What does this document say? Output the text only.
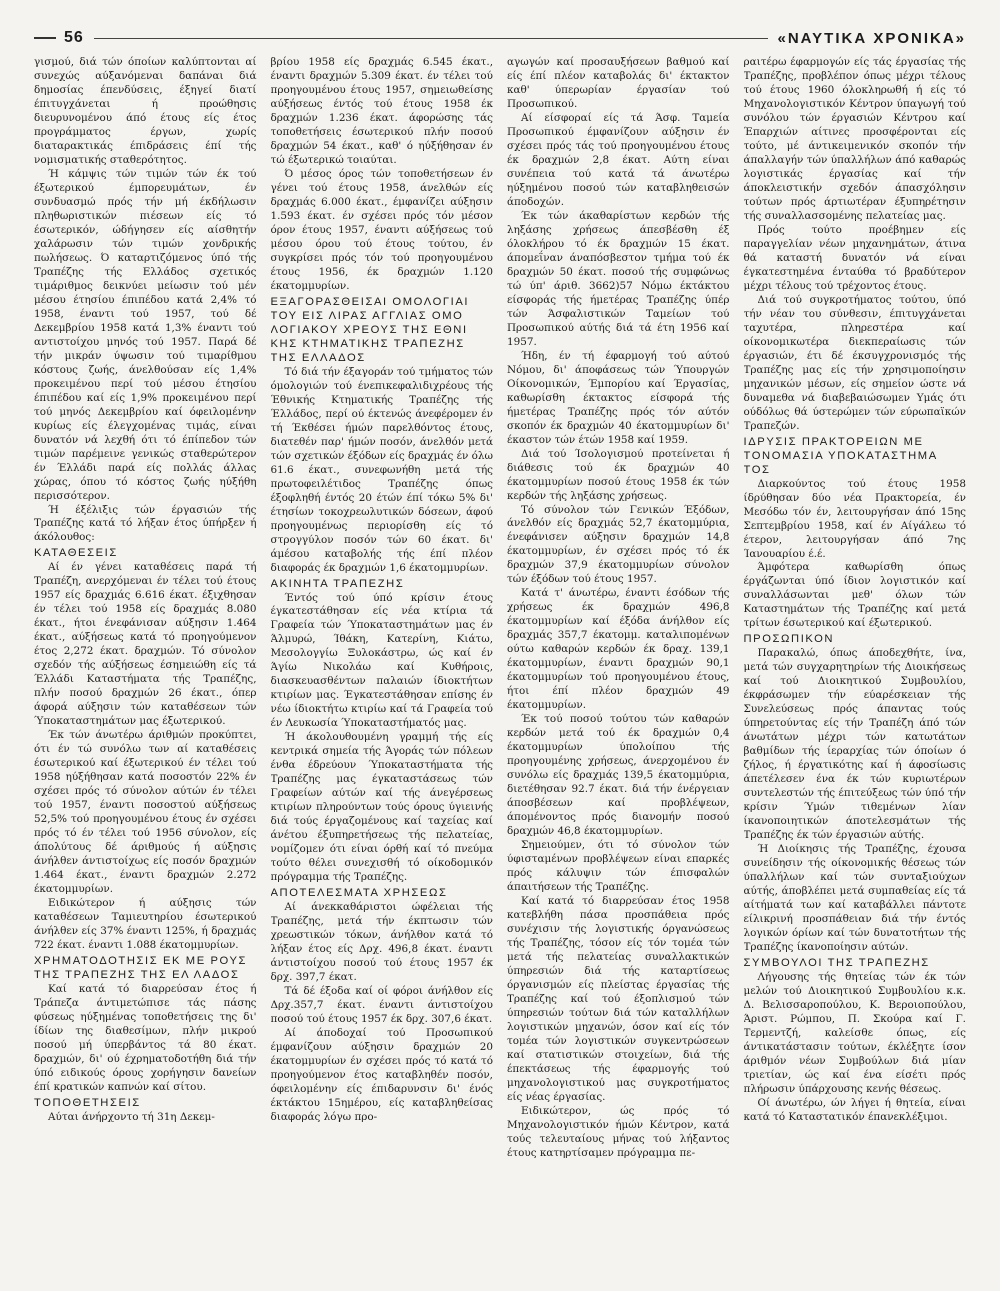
56	«ΝΑΥΤΙΚΑ ΧΡΟΝΙΚΑ»

γισμού, διά τών όποίων καλύπτονται αί συνεχώς αύξανόμεναι δαπάναι διά δημοσίας έπενδύσεις, έξηγεί διατί έπιτυγχάνεται ή προώθησις διευρυνομένου άπό έτους είς έτος προγράμματος έργων, χωρίς διαταρακτικάς έπιδράσεις έπί τής νομισματικής σταθερότητος.

Ή κάμψις τών τιμών τών έκ τού έξωτερικού έμπορευμάτων, έν συνδυασμώ πρός τήν μή έκδήλωσιν πληθωριστικών πιέσεων είς τό έσωτερικόν, ώδήγησεν είς αίσθητήν χαλάρωσιν τών τιμών χονδρικής πωλήσεως. Ό καταρτιζόμενος ύπό τής Τραπέζης τής Ελλάδος σχετικός τιμάριθμος δεικνύει μείωσιν τού μέν μέσου έτησίου έπιπέδου κατά 2,4% τό 1958, έναντι τού 1957, τού δέ Δεκεμβρίου 1958 κατά 1,3% έναντι τού αντιστοίχου μηνός τού 1957. Παρά δέ τήν μικράν ύψωσιν τού τιμαρίθμου κόστους ζωής, άνελθούσαν είς 1,4% προκειμένου περί τού μέσου έτησίου έπιπέδου καί είς 1,9% προκειμένου περί τού μηνός Δεκεμβρίου καί όφειλομένην κυρίως είς έλεγχομένας τιμάς, είναι δυνατόν νά λεχθή ότι τό έπίπεδον τών τιμών παρέμεινε γενικώς σταθερώτερον έν Έλλάδι παρά είς πολλάς άλλας χώρας, όπου τό κόστος ζωής ηύξήθη περισσότερον.

Ή έξέλιξις τών έργασιών τής Τραπέζης κατά τό λήξαν έτος ύπήρξεν ή άκόλουθος:

ΚΑΤΑΘΕΣΕΙΣ

Αί έν γένει καταθέσεις παρά τή Τραπέζη, ανερχόμεναι έν τέλει τού έτους 1957 είς δραχμάς 6.616 έκατ. έξιχθησαν έν τέλει τού 1958 είς δραχμάς 8.080 έκατ., ήτοι ένεφάνισαν αύξησιν 1.464 έκατ., αύξήσεως κατά τό προηγούμενον έτος 2,272 έκατ. δραχμών. Τό σύνολον σχεδόν τής αύξήσεως έσημειώθη είς τά Έλλάδι Καταστήματα τής Τραπέζης, πλήν ποσού δραχμών 26 έκατ., όπερ άφορά αύξησιν τών καταθέσεων τών Ύποκαταστημάτων μας έξωτερικού.

Έκ τών άνωτέρω άριθμών προκύπτει, ότι έν τώ συνόλω των αί καταθέσεις έσωτερικού καί έξωτερικού έν τέλει τού 1958 ηύξήθησαν κατά ποσοστόν 22% έν σχέσει πρός τό σύνολον αύτών έν τέλει τού 1957, έναντι ποσοστού αύξήσεως 52,5% τού προηγουμένου έτους έν σχέσει πρός τό έν τέλει τού 1956 σύνολον, είς άπολύτους δέ άριθμούς ή αύξησις άνήλθεν άντιστοίχως είς ποσόν δραχμών 1.464 έκατ., έναντι δραχμών 2.272 έκατομμυρίων.

Ειδικώτερον ή αύξησις τών καταθέσεων Ταμιευτηρίου έσωτερικού άνήλθεν είς 37% έναντι 125%, ή δραχμάς 722 έκατ. έναντι 1.088 έκατομμυρίων.

ΧΡΗΜΑΤΟΔΟΤΗΣΙΣ ΕΚ ΜΕ ΡΟΥΣ ΤΗΣ ΤΡΑΠΕΖΗΣ ΤΗΣ ΕΛ ΛΑΔΟΣ

Καί κατά τό διαρρεύσαν έτος ή Τράπεζα άντιμετώπισε τάς πάσης φύσεως ηύξημένας τοποθετήσεις της δι' ίδίων της διαθεσίμων, πλήν μικρού ποσού μή ύπερβάντος τά 80 έκατ. δραχμών, δι' ού έχρηματοδοτήθη διά τήν ύπό ειδικούς όρους χορήγησιν δανείων έπί κρατικών καπνών καί σίτου.

ΤΟΠΟΘΕΤΗΣΕΙΣ

Αύται άνήρχοντο τή 31η Δεκεμ-

βρίου 1958 είς δραχμάς 6.545 έκατ., έναντι δραχμών 5.309 έκατ. έν τέλει τού προηγουμένου έτους 1957, σημειωθείσης αύξήσεως έντός τού έτους 1958 έκ δραχμών 1.236 έκατ. άφορώσης τάς τοποθετήσεις έσωτερικού πλήν ποσού δραχμών 54 έκατ., καθ' ό ηύξήθησαν έν τώ έξωτερικώ τοιαύται.

Ό μέσος όρος τών τοποθετήσεων έν γένει τού έτους 1958, άνελθών είς δραχμάς 6.000 έκατ., έμφανίζει αύξησιν 1.593 έκατ. έν σχέσει πρός τόν μέσον όρον έτους 1957, έναντι αύξήσεως τού μέσου όρου τού έτους τούτου, έν συγκρίσει πρός τόν τού προηγουμένου έτους 1956, έκ δραχμών 1.120 έκατομμυρίων.

ΕΞΑΓΟΡΑΣΘΕΙΣΑΙ ΟΜΟΛΟΓΙΑΙ ΤΟΥ ΕΙΣ ΛΙΡΑΣ ΑΓΓΛΙΑΣ ΟΜΟ ΛΟΓΙΑΚΟΥ ΧΡΕΟΥΣ ΤΗΣ ΕΘΝΙ ΚΗΣ ΚΤΗΜΑΤΙΚΗΣ ΤΡΑΠΕΖΗΣ ΤΗΣ ΕΛΛΑΔΟΣ

Τό διά τήν έξαγοράν τού τμήματος τών όμολογιών τού ένεπικεφαλιδιχρέους τής Έθνικής Κτηματικής Τραπέζης τής Έλλάδος, περί ού έκτενώς άνεφέρομεν έν τή Έκθέσει ήμών παρελθόντος έτους, διατεθέν παρ' ήμών ποσόν, άνελθόν μετά τών σχετικών έξόδων είς δραχμάς έν όλω 61.6 έκατ., συνεφωνήθη μετά τής πρωτοφειλέτιδος Τραπέζης όπως έξοφληθή έντός 20 έτών έπί τόκω 5% δι' έτησίων τοκοχρεωλυτικών δόσεων, άφού προηγουμένως περιορίσθη είς τό στρογγύλον ποσόν τών 60 έκατ. δι' άμέσου καταβολής τής έπί πλέον διαφοράς έκ δραχμών 1,6 έκατομμυρίων.

ΑΚΙΝΗΤΑ ΤΡΑΠΕΖΗΣ

Έντός τού ύπό κρίσιν έτους έγκατεστάθησαν είς νέα κτίρια τά Γραφεία τών Ύποκαταστημάτων μας έν Άλμυρώ, Ίθάκη, Κατερίνη, Κιάτω, Μεσολογγίω Ξυλοκάστρω, ώς καί έν Άγίω Νικολάω καί Κυθήροις, διασκευασθέντων παλαιών ίδιοκτήτων κτιρίων μας. Έγκατεστάθησαν επίσης έν νέω ίδιοκτήτω κτιρίω καί τά Γραφεία τού έν Λευκωσία Ύποκαταστήματός μας.

Ή άκολουθουμένη γραμμή τής είς κεντρικά σημεία τής Άγοράς τών πόλεων ένθα έδρεύουν Ύποκαταστήματα τής Τραπέζης μας έγκαταστάσεως τών Γραφείων αύτών καί τής άνεγέρσεως κτιρίων πληρούντων τούς όρους ύγιεινής διά τούς έργαζομένους καί ταχείας καί άνέτου έξυπηρετήσεως τής πελατείας, νομίζομεν ότι είναι όρθή καί τό πνεύμα τούτο θέλει συνεχισθή τό οίκοδομικόν πρόγραμμα τής Τραπέζης.

ΑΠΟΤΕΛΕΣΜΑΤΑ ΧΡΗΣΕΩΣ

Αί άνεκκαθάριστοι ώφέλειαι τής Τραπέζης, μετά τήν έκπτωσιν τών χρεωστικών τόκων, άνήλθον κατά τό λήξαν έτος είς Δρχ. 496,8 έκατ. έναντι άντιστοίχου ποσού τού έτους 1957 έκ δρχ. 397,7 έκατ.

Τά δέ έξοδα καί οί φόροι άνήλθον είς Δρχ.357,7 έκατ. έναντι άντιστοίχου ποσού τού έτους 1957 έκ δρχ. 307,6 έκατ.

Αί άποδοχαί τού Προσωπικού έμφανίζουν αύξησιν δραχμών 20 έκατομμυρίων έν σχέσει πρός τό κατά τό προηγούμενον έτος καταβληθέν ποσόν, όφειλομένην είς έπιδαρυνσιν δι' ένός έκτάκτου 15ημέρου, είς καταβληθείσας διαφοράς λόγω προ-

αγωγών καί προσαυξήσεων βαθμού καί είς έπί πλέον καταβολάς δι' έκτακτον καθ' ύπερωρίαν έργασίαν τού Προσωπικού.

Αί είσφοραί είς τά Άσφ. Ταμεία Προσωπικού έμφανίζουν αύξησιν έν σχέσει πρός τάς τού προηγουμένου έτους έκ δραχμών 2,8 έκατ. Αύτη είναι συνέπεια τού κατά τά άνωτέρω ηύξημένου ποσού τών καταβληθεισών άποδοχών.

Έκ τών άκαθαρίστων κερδών τής ληξάσης χρήσεως άπεσβέσθη έξ όλοκλήρου τό έκ δραχμών 15 έκατ. άπομεΐναν άναπόσβεστον τμήμα τού έκ δραχμών 50 έκατ. ποσού τής συμφώνως τώ ύπ' άριθ. 3662)57 Νόμω έκτάκτου είσφοράς τής ήμετέρας Τραπέζης ύπέρ τών Άσφαλιστικών Ταμείων τού Προσωπικού αύτής διά τά έτη 1956 καί 1957.

Ήδη, έν τή έφαρμογή τού αύτού Νόμου, δι' άποφάσεως τών Ύπουργών Οίκονομικών, Έμπορίου καί Έργασίας, καθωρίσθη έκτακτος είσφορά τής ήμετέρας Τραπέζης πρός τόν αύτόν σκοπόν έκ δραχμών 40 έκατομμυρίων δι' έκαστον τών έτών 1958 καί 1959.

Διά τού Ίσολογισμού προτείνεται ή διάθεσις τού έκ δραχμών 40 έκατομμυρίων ποσού έτους 1958 έκ τών κερδών τής ληξάσης χρήσεως.

Τό σύνολον τών Γενικών Έξόδων, άνελθόν είς δραχμάς 52,7 έκατομμύρια, ένεφάνισεν αύξησιν δραχμών 14,8 έκατομμυρίων, έν σχέσει πρός τό έκ δραχμών 37,9 έκατομμυρίων σύνολον τών έξόδων τού έτους 1957.

Κατά τ' άνωτέρω, έναντι έσόδων τής χρήσεως έκ δραχμών 496,8 έκατομμυρίων καί έξόδα άνήλθον είς δραχμάς 357,7 έκατομμ. καταλιπομένων ούτω καθαρών κερδών έκ δραχ. 139,1 έκατομμυρίων, έναντι δραχμών 90,1 έκατομμυρίων τού προηγουμένου έτους, ήτοι έπί πλέον δραχμών 49 έκατομμυρίων.

Έκ τού ποσού τούτου τών καθαρών κερδών μετά τού έκ δραχμών 0,4 έκατομμυρίων ύπολοίπου τής προηγουμένης χρήσεως, άνερχομένου έν συνόλω είς δραχμάς 139,5 έκατομμύρια, διετέθησαν 92.7 έκατ. διά τήν ένέργειαν άποσβέσεων καί προβλέψεων, άπομένοντος πρός διανομήν ποσού δραχμών 46,8 έκατομμυρίων.

Σημειούμεν, ότι τό σύνολον τών ύφισταμένων προβλέψεων είναι επαρκές πρός κάλυψιν τών έπισφαλών άπαιτήσεων τής Τραπέζης.

Καί κατά τό διαρρεύσαν έτος 1958 κατεβλήθη πάσα προσπάθεια πρός συνέχισιν τής λογιστικής όργανώσεως τής Τραπέζης, τόσον είς τόν τομέα τών μετά τής πελατείας συναλλακτικών ύπηρεσιών διά τής καταρτίσεως όργανισμών είς πλείστας έργασίας τής Τραπέζης καί τού έξοπλισμού τών ύπηρεσιών τούτων διά τών καταλλήλων λογιστικών μηχανών, όσον καί είς τόν τομέα τών λογιστικών συγκεντρώσεων καί στατιστικών στοιχείων, διά τής έπεκτάσεως τής έφαρμογής τού μηχανολογιστικού μας συγκροτήματος είς νέας έργασίας.

Ειδικώτερον, ώς πρός τό Μηχανολογιστικόν ήμών Κέντρον, κατά τούς τελευταίους μήνας τού λήξαντος έτους κατηρτίσαμεν πρόγραμμα πε-

ραιτέρω έφαρμογών είς τάς έργασίας τής Τραπέζης, προβλέπον όπως μέχρι τέλους τού έτους 1960 όλοκληρωθή ή είς τό Μηχανολογιστικόν Κέντρον ύπαγωγή τού συνόλου τών έργασιών Κέντρου καί Έπαρχιών αίτινες προσφέρονται είς τούτο, μέ άντικειμενικόν σκοπόν τήν άπαλλαγήν τών ύπαλλήλων άπό καθαρώς λογιστικάς έργασίας καί τήν άποκλειστικήν σχεδόν άπασχόλησιν τούτων πρός άρτιωτέραν έξυπηρέτησιν τής συναλλασσομένης πελατείας μας.

Πρός τούτο προέβημεν είς παραγγελίαν νέων μηχανημάτων, άτινα θά καταστή δυνατόν νά είναι έγκατεστημένα ένταύθα τό βραδύτερον μέχρι τέλους τού τρέχοντος έτους.

Διά τού συγκροτήματος τούτου, ύπό τήν νέαν του σύνθεσιν, έπιτυγχάνεται ταχυτέρα, πληρεστέρα καί οίκονομικωτέρα διεκπεραίωσις τών έργασιών, έτι δέ έκσυγχρονισμός τής Τραπέζης μας είς τήν χρησιμοποίησιν μηχανικών μέσων, είς σημείον ώστε νά δυναμεθα νά διαβεβαιώσωμεν Υμάς ότι ούδόλως θά ύστερώμεν τών εύρωπαϊκών Τραπεζών.

ΙΔΡΥΣΙΣ ΠΡΑΚΤΟΡΕΙΩΝ ΜΕ ΤΟΝΟΜΑΣΙΑ ΥΠΟΚΑΤΑΣΤΗΜΑ ΤΟΣ

Διαρκούντος τού έτους 1958 ίδρύθησαν δύο νέα Πρακτορεία, έν Μεσόδω τόν έν, λειτουργήσαν άπό 15ης Σεπτεμβρίου 1958, καί έν Αίγάλεω τό έτερον, λειτουργήσαν άπό 7ης Ίανουαρίου έ.έ.

Άμφότερα καθωρίσθη όπως έργάζωνται ύπό ίδιον λογιστικόν καί συναλλάσωνται μεθ' όλων τών Καταστημάτων τής Τραπέζης καί μετά τρίτων έσωτερικού καί έξωτερικού.

ΠΡΟΣΩΠΙΚΟΝ

Παρακαλώ, όπως άποδεχθήτε, ίνα, μετά τών συγχαρητηρίων τής Διοικήσεως καί τού Διοικητικού Συμβουλίου, έκφράσωμεν τήν εύαρέσκειαν τής Συνελεύσεως πρός άπαντας τούς ύπηρετούντας είς τήν Τραπέζη άπό τών άνωτάτων μέχρι τών κατωτάτων βαθμίδων τής ίεραρχίας τών όποίων ό ζήλος, ή έργατικότης καί ή άφοσίωσις άπετέλεσεν ένα έκ τών κυριωτέρων συντελεστών τής έπιτεύξεως τών ύπό τήν κρίσιν Ύμών τιθεμένων λίαν ίκανοποιητικών άποτελεσμάτων τής Τραπέζης έκ τών έργασιών αύτής.

Ή Διοίκησις τής Τραπέζης, έχουσα συνείδησιν τής οίκονομικής θέσεως τών ύπαλλήλων καί τών συνταξιούχων αύτής, άποβλέπει μετά συμπαθείας είς τά αίτήματά των καί καταβάλλει πάντοτε είλικρινή προσπάθειαν διά τήν έντός λογικών όρίων καί τών δυνατοτήτων τής Τραπέζης ίκανοποίησιν αύτών.

ΣΥΜΒΟΥΛΟΙ ΤΗΣ ΤΡΑΠΕΖΗΣ

Λήγουσης τής θητείας τών έκ τών μελών τού Διοικητικού Συμβουλίου κ.κ. Δ. Βελισσαροπούλου, Κ. Βεροιοπούλου, Άριστ. Ρώμπου, Π. Σκούρα καί Γ. Τερμεντζή, καλείσθε όπως, είς άντικατάστασιν τούτων, έκλέξητε ίσον άριθμόν νέων Συμβούλων διά μίαν τριετίαν, ώς καί ένα είσέτι πρός πλήρωσιν ύπάρχουσης κενής θέσεως.

Οί άνωτέρω, ών λήγει ή θητεία, είναι κατά τό Καταστατικόν έπανεκλέξιμοι.
